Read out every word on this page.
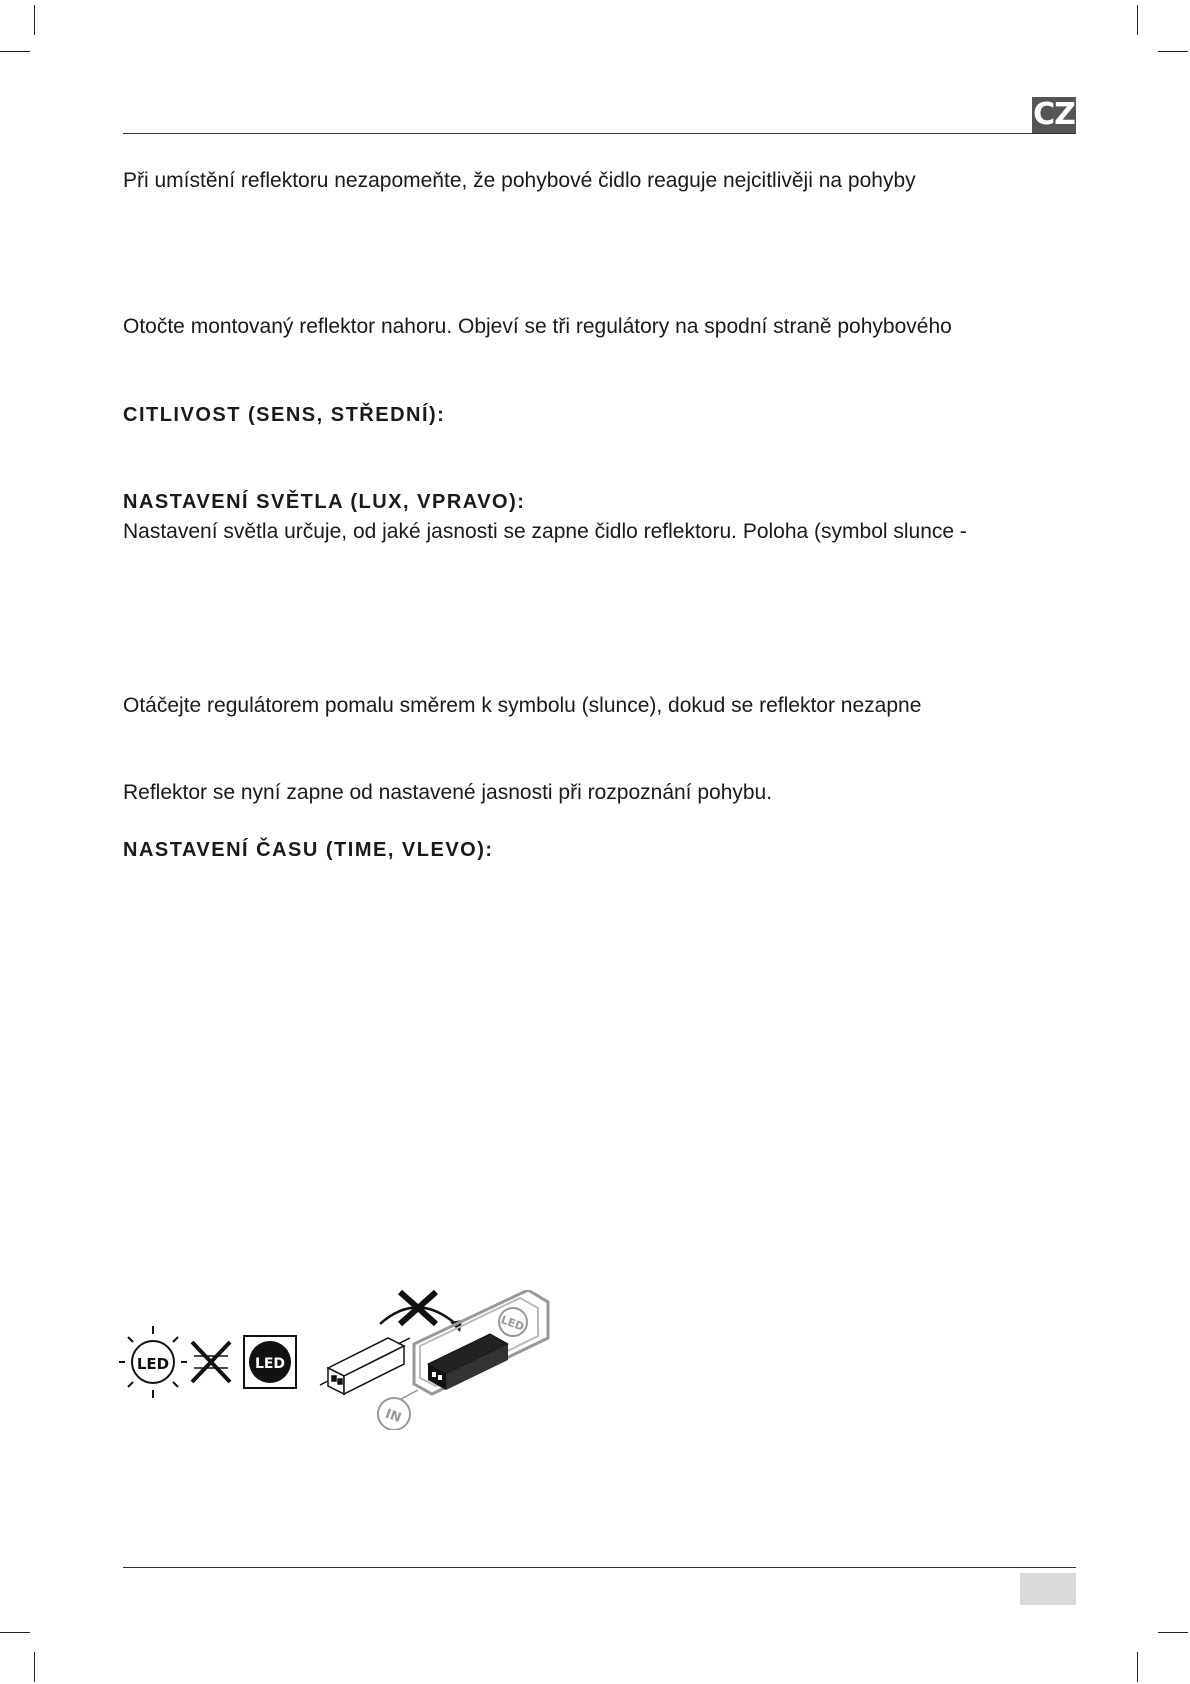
CZ
Při umístění reflektoru nezapomeňte, že pohybové čidlo reaguje nejcitlivěji na pohyby
Otočte montovaný reflektor nahoru. Objeví se tři regulátory na spodní straně pohybového
CITLIVOST (SENS, STŘEDNÍ):
NASTAVENÍ SVĚTLA (LUX, VPRAVO):
Nastavení světla určuje, od jaké jasnosti se zapne čidlo reflektoru. Poloha (symbol slunce -
Otáčejte regulátorem pomalu směrem k symbolu (slunce), dokud se reflektor nezapne
Reflektor se nyní zapne od nastavené jasnosti při rozpoznání pohybu.
NASTAVENÍ ČASU (TIME, VLEVO):
LED	LED
LED
IN
